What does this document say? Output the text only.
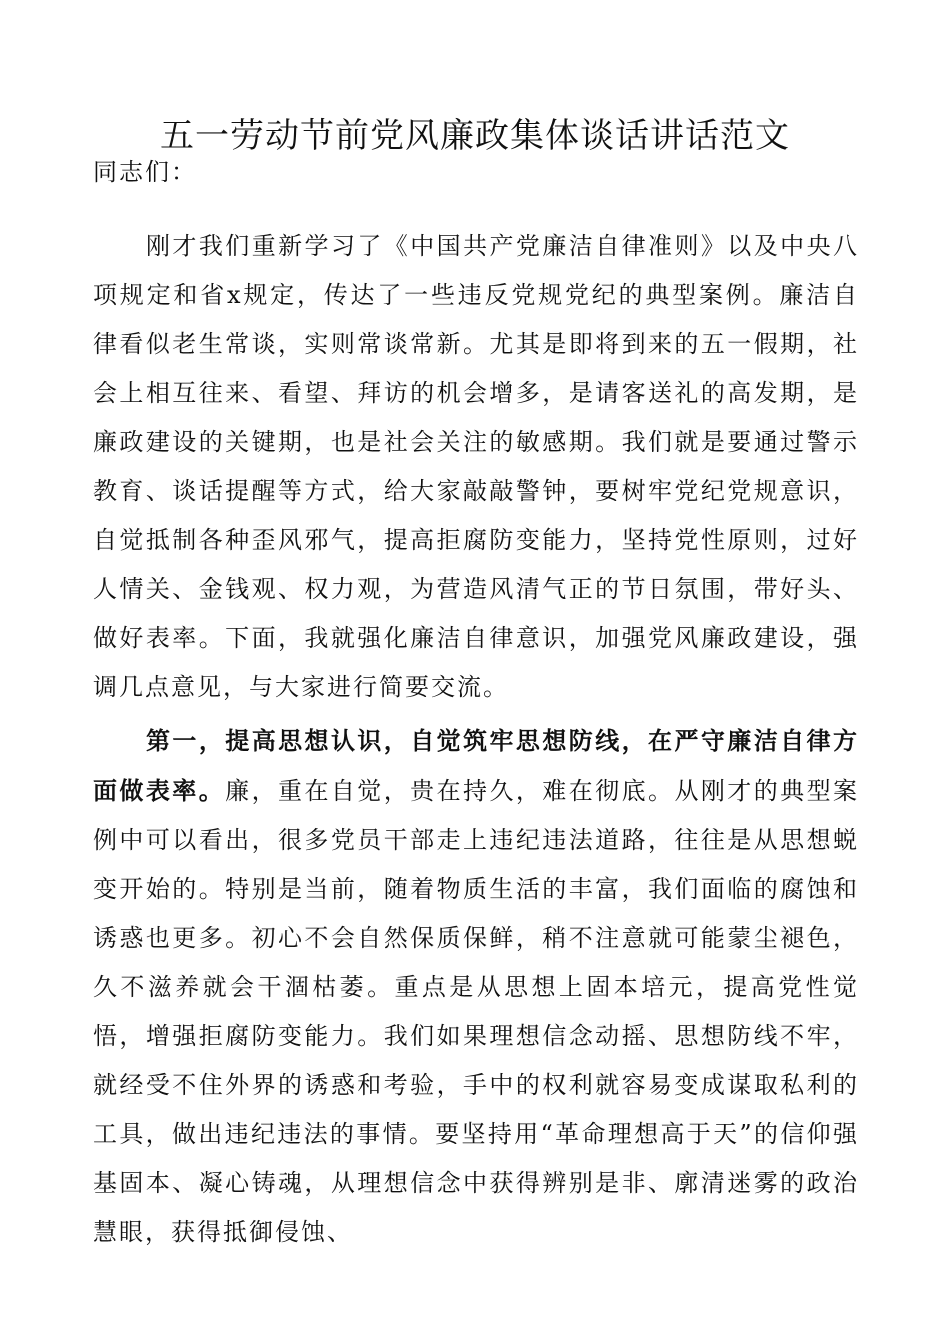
五一劳动节前党风廉政集体谈话讲话范文

同志们：

刚才我们重新学习了《中国共产党廉洁自律准则》以及中央八项规定和省x规定，传达了一些违反党规党纪的典型案例。廉洁自律看似老生常谈，实则常谈常新。尤其是即将到来的五一假期，社会上相互往来、看望、拜访的机会增多，是请客送礼的高发期，是廉政建设的关键期，也是社会关注的敏感期。我们就是要通过警示教育、谈话提醒等方式，给大家敲敲警钟，要树牢党纪党规意识，自觉抵制各种歪风邪气，提高拒腐防变能力，坚持党性原则，过好人情关、金钱观、权力观，为营造风清气正的节日氛围，带好头、做好表率。下面，我就强化廉洁自律意识，加强党风廉政建设，强调几点意见，与大家进行简要交流。

第一，提高思想认识，自觉筑牢思想防线，在严守廉洁自律方面做表率。廉，重在自觉，贵在持久，难在彻底。从刚才的典型案例中可以看出，很多党员干部走上违纪违法道路，往往是从思想蜕变开始的。特别是当前，随着物质生活的丰富，我们面临的腐蚀和诱惑也更多。初心不会自然保质保鲜，稍不注意就可能蒙尘褪色，久不滋养就会干涸枯萎。重点是从思想上固本培元，提高党性觉悟，增强拒腐防变能力。我们如果理想信念动摇、思想防线不牢，就经受不住外界的诱惑和考验，手中的权利就容易变成谋取私利的工具，做出违纪违法的事情。要坚持用“革命理想高于天”的信仰强基固本、凝心铸魂，从理想信念中获得辨别是非、廓清迷雾的政治慧眼，获得抵御侵蚀、
